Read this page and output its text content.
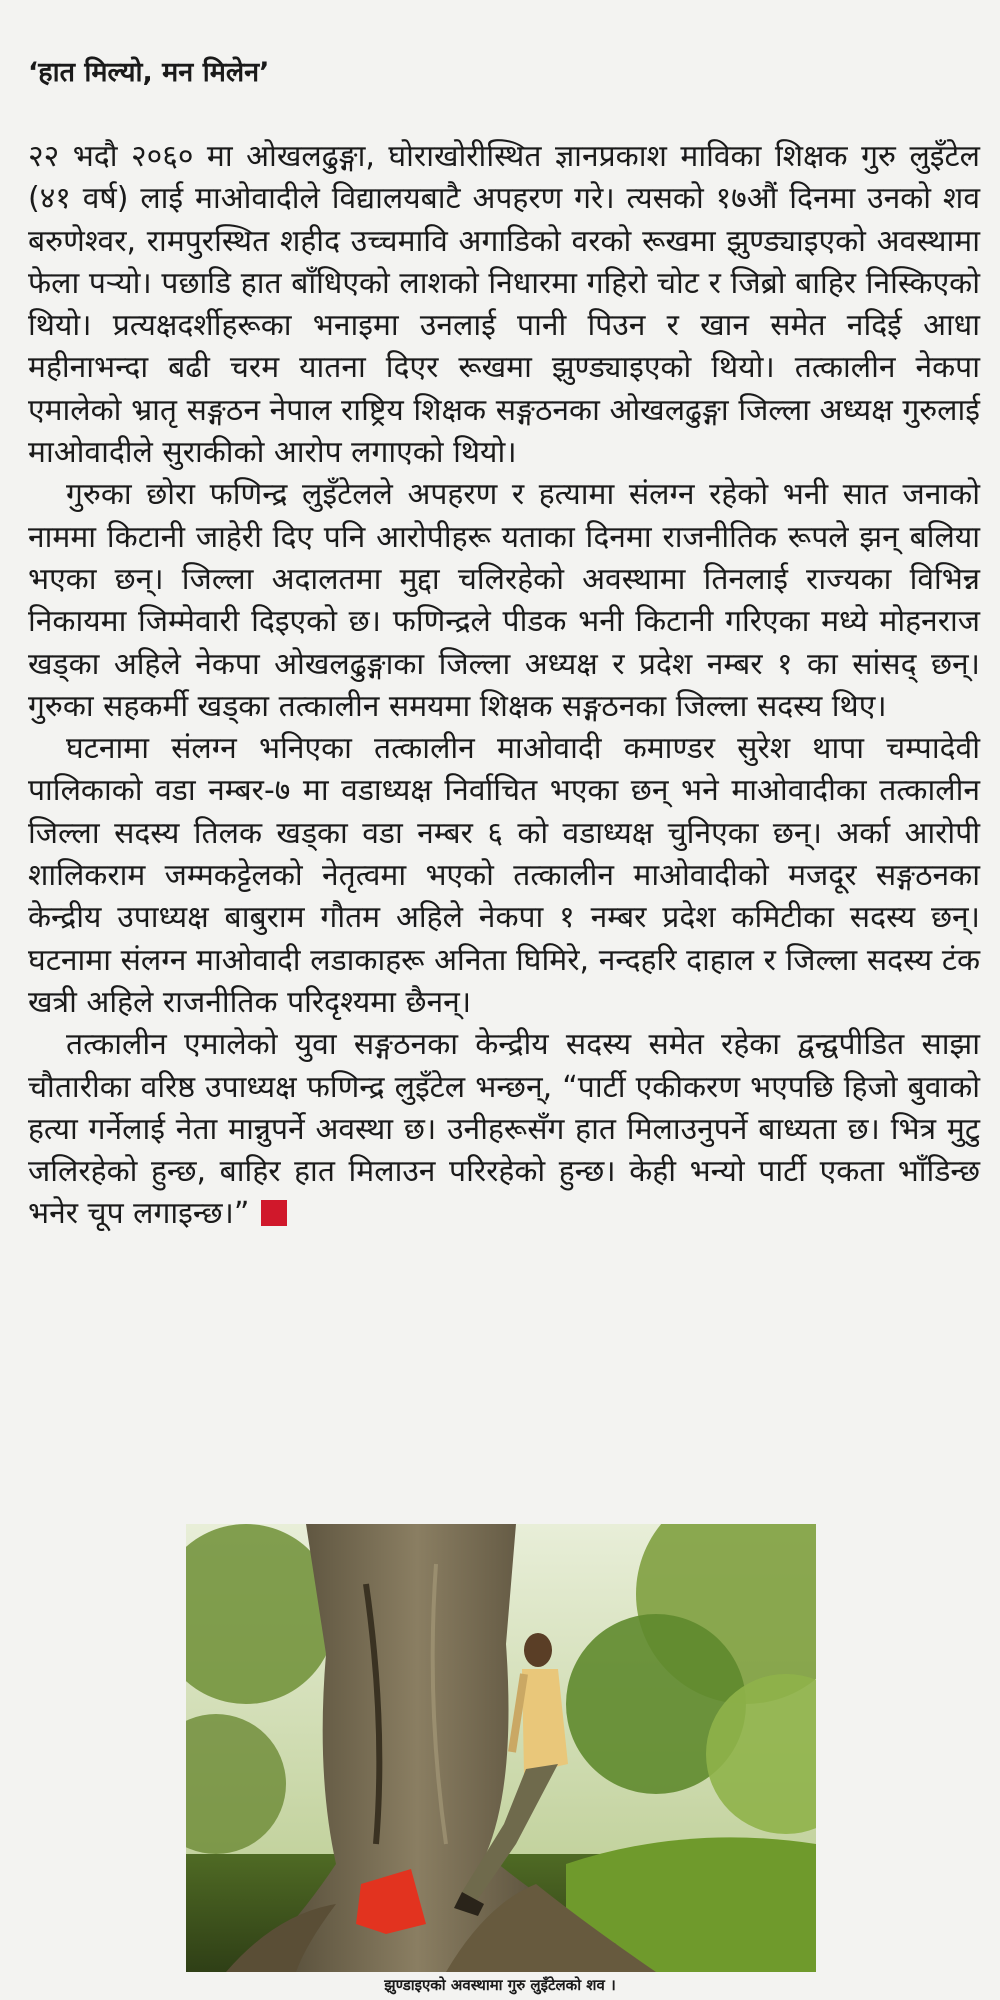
‘हात मिल्यो, मन मिलेन’

२२ भदौ २०६० मा ओखलढुङ्गा, घोराखोरीस्थित ज्ञानप्रकाश माविका शिक्षक गुरु लुइँटेल (४१ वर्ष) लाई माओवादीले विद्यालयबाटै अपहरण गरे। त्यसको १७औं दिनमा उनको शव बरुणेश्वर, रामपुरस्थित शहीद उच्चमावि अगाडिको वरको रूखमा झुण्ड्याइएको अवस्थामा फेला पर्‍यो। पछाडि हात बाँधिएको लाशको निधारमा गहिरो चोट र जिब्रो बाहिर निस्किएको थियो। प्रत्यक्षदर्शीहरूका भनाइमा उनलाई पानी पिउन र खान समेत नदिई आधा महीनाभन्दा बढी चरम यातना दिएर रूखमा झुण्ड्याइएको थियो। तत्कालीन नेकपा एमालेको भ्रातृ सङ्गठन नेपाल राष्ट्रिय शिक्षक सङ्गठनका ओखलढुङ्गा जिल्ला अध्यक्ष गुरुलाई माओवादीले सुराकीको आरोप लगाएको थियो।

गुरुका छोरा फणिन्द्र लुइँटेलले अपहरण र हत्यामा संलग्न रहेको भनी सात जनाको नाममा किटानी जाहेरी दिए पनि आरोपीहरू यताका दिनमा राजनीतिक रूपले झन् बलिया भएका छन्। जिल्ला अदालतमा मुद्दा चलिरहेको अवस्थामा तिनलाई राज्यका विभिन्न निकायमा जिम्मेवारी दिइएको छ। फणिन्द्रले पीडक भनी किटानी गरिएका मध्ये मोहनराज खड्का अहिले नेकपा ओखलढुङ्गाका जिल्ला अध्यक्ष र प्रदेश नम्बर १ का सांसद् छन्। गुरुका सहकर्मी खड्का तत्कालीन समयमा शिक्षक सङ्गठनका जिल्ला सदस्य थिए।

घटनामा संलग्न भनिएका तत्कालीन माओवादी कमाण्डर सुरेश थापा चम्पादेवी पालिकाको वडा नम्बर-७ मा वडाध्यक्ष निर्वाचित भएका छन् भने माओवादीका तत्कालीन जिल्ला सदस्य तिलक खड्का वडा नम्बर ६ को वडाध्यक्ष चुनिएका छन्। अर्का आरोपी शालिकराम जम्मकट्टेलको नेतृत्वमा भएको तत्कालीन माओवादीको मजदूर सङ्गठनका केन्द्रीय उपाध्यक्ष बाबुराम गौतम अहिले नेकपा १ नम्बर प्रदेश कमिटीका सदस्य छन्। घटनामा संलग्न माओवादी लडाकाहरू अनिता घिमिरे, नन्दहरि दाहाल र जिल्ला सदस्य टंक खत्री अहिले राजनीतिक परिदृश्यमा छैनन्।

तत्कालीन एमालेको युवा सङ्गठनका केन्द्रीय सदस्य समेत रहेका द्वन्द्वपीडित साझा चौतारीका वरिष्ठ उपाध्यक्ष फणिन्द्र लुइँटेल भन्छन्, “पार्टी एकीकरण भएपछि हिजो बुवाको हत्या गर्नेलाई नेता मान्नुपर्ने अवस्था छ। उनीहरूसँग हात मिलाउनुपर्ने बाध्यता छ। भित्र मुटु जलिरहेको हुन्छ, बाहिर हात मिलाउन परिरहेको हुन्छ। केही भन्यो पार्टी एकता भाँडिन्छ भनेर चूप लगाइन्छ।”

झुण्डाइएको अवस्थामा गुरु लुइँटेलको शव ।
